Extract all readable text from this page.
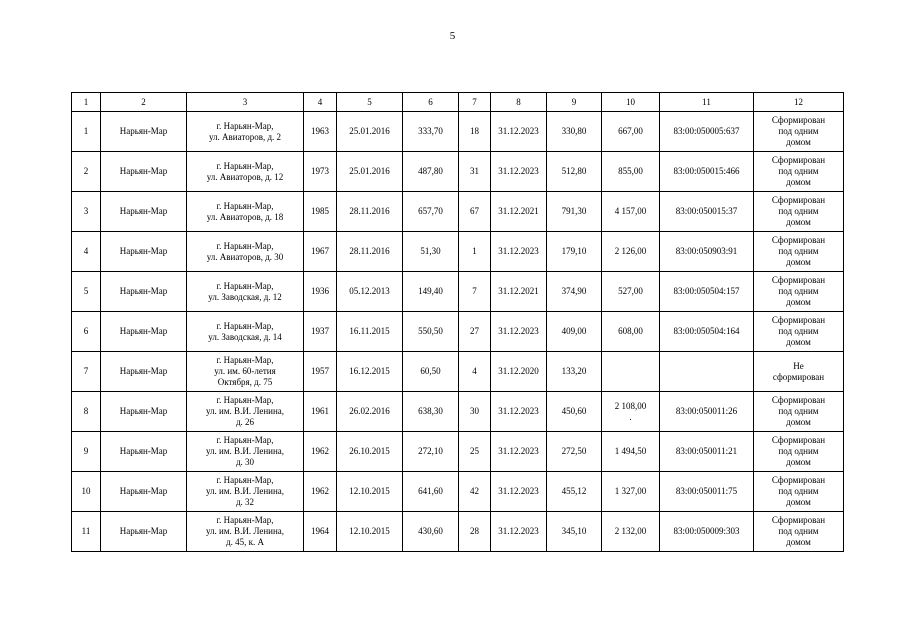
5
1	2	3	4	5	6	7	8	9	10	11	12
1	Нарьян-Мар	г. Нарьян-Мар,
ул. Авиаторов, д. 2	1963	25.01.2016	333,70	18	31.12.2023	330,80	667,00	83:00:050005:637	Сформирован
под одним
домом
2	Нарьян-Мар	г. Нарьян-Мар,
ул. Авиаторов, д. 12	1973	25.01.2016	487,80	31	31.12.2023	512,80	855,00	83:00:050015:466	Сформирован
под одним
домом
3	Нарьян-Мар	г. Нарьян-Мар,
ул. Авиаторов, д. 18	1985	28.11.2016	657,70	67	31.12.2021	791,30	4 157,00	83:00:050015:37	Сформирован
под одним
домом
4	Нарьян-Мар	г. Нарьян-Мар,
ул. Авиаторов, д. 30	1967	28.11.2016	51,30	1	31.12.2023	179,10	2 126,00	83:00:050903:91	Сформирован
под одним
домом
5	Нарьян-Мар	г. Нарьян-Мар,
ул. Заводская, д. 12	1936	05.12.2013	149,40	7	31.12.2021	374,90	527,00	83:00:050504:157	Сформирован
под одним
домом
6	Нарьян-Мар	г. Нарьян-Мар,
ул. Заводская, д. 14	1937	16.11.2015	550,50	27	31.12.2023	409,00	608,00	83:00:050504:164	Сформирован
под одним
домом
7	Нарьян-Мар	г. Нарьян-Мар,
ул. им. 60-летия
Октября, д. 75	1957	16.12.2015	60,50	4	31.12.2020	133,20			Не
сформирован
8	Нарьян-Мар	г. Нарьян-Мар,
ул. им. В.И. Ленина,
д. 26	1961	26.02.2016	638,30	30	31.12.2023	450,60	2 108,00
.	83:00:050011:26	Сформирован
под одним
домом
9	Нарьян-Мар	г. Нарьян-Мар,
ул. им. В.И. Ленина,
д. 30	1962	26.10.2015	272,10	25	31.12.2023	272,50	1 494,50	83:00:050011:21	Сформирован
под одним
домом
10	Нарьян-Мар	г. Нарьян-Мар,
ул. им. В.И. Ленина,
д. 32	1962	12.10.2015	641,60	42	31.12.2023	455,12	1 327,00	83:00:050011:75	Сформирован
под одним
домом
11	Нарьян-Мар	г. Нарьян-Мар,
ул. им. В.И. Ленина,
д. 45, к. А	1964	12.10.2015	430,60	28	31.12.2023	345,10	2 132,00	83:00:050009:303	Сформирован
под одним
домом
